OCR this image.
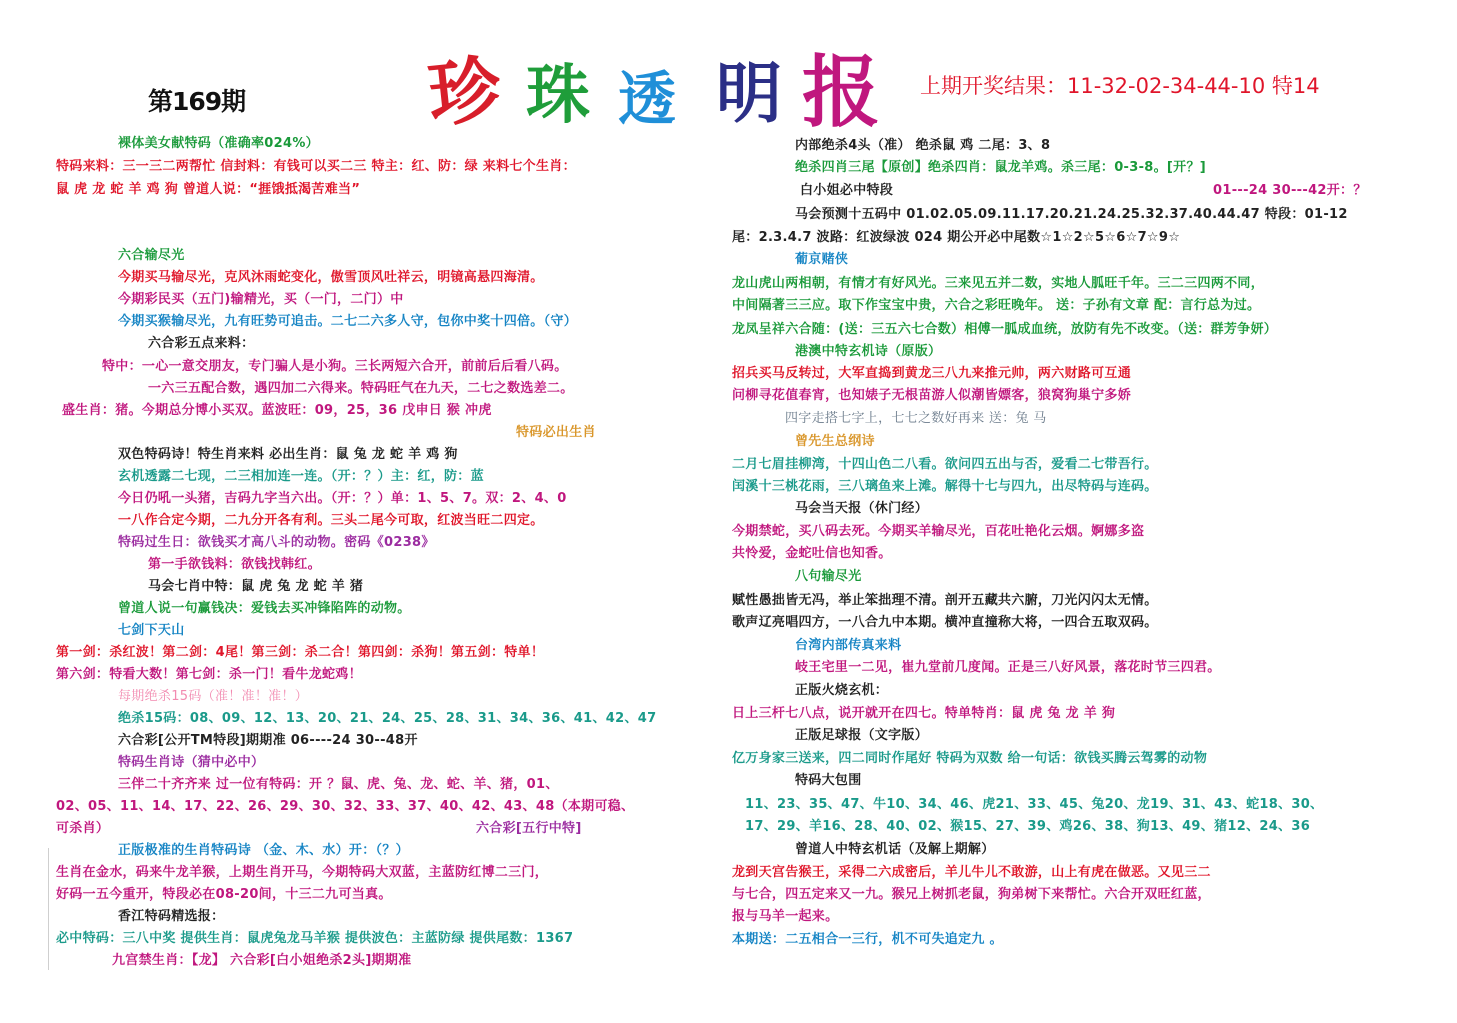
第169期 珍 珠 透 明 报 上期开奖结果：11-32-02-34-44-10 特14
裸体美女献特码（准确率024%）
特码来料：三一三二两帮忙 信封料：有钱可以买二三 特主：红、防：绿 来料七个生肖：
鼠 虎 龙 蛇 羊 鸡 狗 曾道人说：“捱饿抵渴苦难当”
六合输尽光
今期买马输尽光，克风沐雨蛇变化，傲雪顶风吐祥云，明镜高悬四海清。
今期彩民买（五门)输精光，买（一门，二门）中
今期买猴输尽光，九有旺势可追击。二七二六多人守，包你中奖十四倍。（守）
六合彩五点来料：
特中：一心一意交朋友，专门骗人是小狗。三长两短六合开，前前后后看八码。
一六三五配合数，遇四加二六得来。特码旺气在九天，二七之数选差二。
盛生肖：猪。今期总分博小买双。蓝波旺：09，25，36 戊申日 猴 冲虎
特码必出生肖
双色特码诗！特生肖来料 必出生肖：鼠 兔 龙 蛇 羊 鸡 狗
玄机透露二七现，二三相加连一连。（开：？）主：红，防：蓝
今日仍吼一头猪，吉码九字当六出。（开：？）单：1、5、7。双：2、4、0
一八作合定今期，二九分开各有利。三头二尾今可取，红波当旺二四定。
特码过生日：欲钱买才高八斗的动物。密码《0238》
第一手欲钱料：欲钱找韩红。
马会七肖中特：鼠 虎 兔 龙 蛇 羊 猪
曾道人说一句赢钱决：爱钱去买冲锋陷阵的动物。
七剑下天山
第一剑：杀红波！第二剑：4尾！第三剑：杀二合！第四剑：杀狗！第五剑：特单！
第六剑：特看大数！第七剑：杀一门！看牛龙蛇鸡！
每期绝杀15码（准！准！准！）
绝杀15码：08、09、12、13、20、21、24、25、28、31、34、36、41、42、47
六合彩[公开TM特段]期期准 06----24 30--48开
特码生肖诗（猜中必中）
三伴二十齐齐来 过一位有特码：开 ？鼠、虎、兔、龙、蛇、羊、猪，01、
02、05、11、14、17、22、26、29、30、32、33、37、40、42、43、48（本期可稳、
可杀肖）	六合彩[五行中特]
正版极准的生肖特码诗 （金、木、水）开：（？）
生肖在金水，码来牛龙羊猴，上期生肖开马，今期特码大双蓝，主蓝防红博二三门，
好码一五今重开，特段必在08-20间，十三二九可当真。
香江特码精选报：
必中特码：三八中奖 提供生肖：鼠虎兔龙马羊猴 提供波色：主蓝防绿 提供尾数：1367
九宫禁生肖：【龙】 六合彩[白小姐绝杀2头]期期准
内部绝杀4头（准） 绝杀鼠 鸡 二尾：3、8
绝杀四肖三尾【原创】绝杀四肖：鼠龙羊鸡。杀三尾：0-3-8。[开？]
白小姐必中特段	01---24 30---42开：？
马会预测十五码中 01.02.05.09.11.17.20.21.24.25.32.37.40.44.47 特段：01-12
尾：2.3.4.7 波路：红波绿波 024 期公开必中尾数☆1☆2☆5☆6☆7☆9☆
葡京赌侠
龙山虎山两相朝，有情才有好风光。三来见五并二数，实地人胍旺千年。三二三四两不同，
中间隔著三三应。取下作宝宝中贵，六合之彩旺晚年。 送：子孙有文章 配：言行总为过。
龙凤呈祥六合随：(送：三五六七合数）相傅一胍成血统，放防有先不改变。（送：群芳争妍）
港澳中特玄机诗（原版）
招兵买马反转过，大军直捣到黄龙三八九来推元帅，两六财路可互通
问柳寻花值春宵，也知婊子无根苗游人似潮皆嫖客，狼窝狗巢宁多娇
四字走搭七字上，七七之数好再来 送：兔 马
曾先生总纲诗
二月七眉挂柳湾，十四山色二八看。欲问四五出与否，爱看二七带吾行。
闰溪十三桃花雨，三八璃鱼来上滩。解得十七与四九，出尽特码与连码。
马会当天报（休门经）
今期禁蛇，买八码去死。今期买羊输尽光，百花吐艳化云烟。婀娜多盗
共怜爱，金蛇吐信也知香。
八句输尽光
赋性愚拙皆无冯，举止笨拙理不清。剖开五藏共六腑，刀光闪闪太无情。
歌声辽亮唱四方，一八合九中本期。横冲直撞称大将，一四合五取双码。
台湾内部传真来料
岐王宅里一二见，崔九堂前几度闻。正是三八好风景，落花时节三四君。
正版火烧玄机：
日上三杆七八点，说开就开在四七。特单特肖：鼠 虎 兔 龙 羊 狗
正版足球报（文字版）
亿万身家三送来，四二同时作尾好 特码为双数 给一句话：欲钱买腾云驾雾的动物
特码大包围
11、23、35、47、牛10、34、46、虎21、33、45、兔20、龙19、31、43、蛇18、30、
17、29、羊16、28、40、02、猴15、27、39、鸡26、38、狗13、49、猪12、24、36
曾道人中特玄机话（及解上期解）
龙到天宫告猴王，采得二六成密后，羊儿牛儿不敢游，山上有虎在做恶。又见三二
与七合，四五定来又一九。猴兄上树抓老鼠，狗弟树下来帮忙。六合开双旺红蓝，
报与马羊一起来。
本期送：二五相合一三行，机不可失追定九 。
